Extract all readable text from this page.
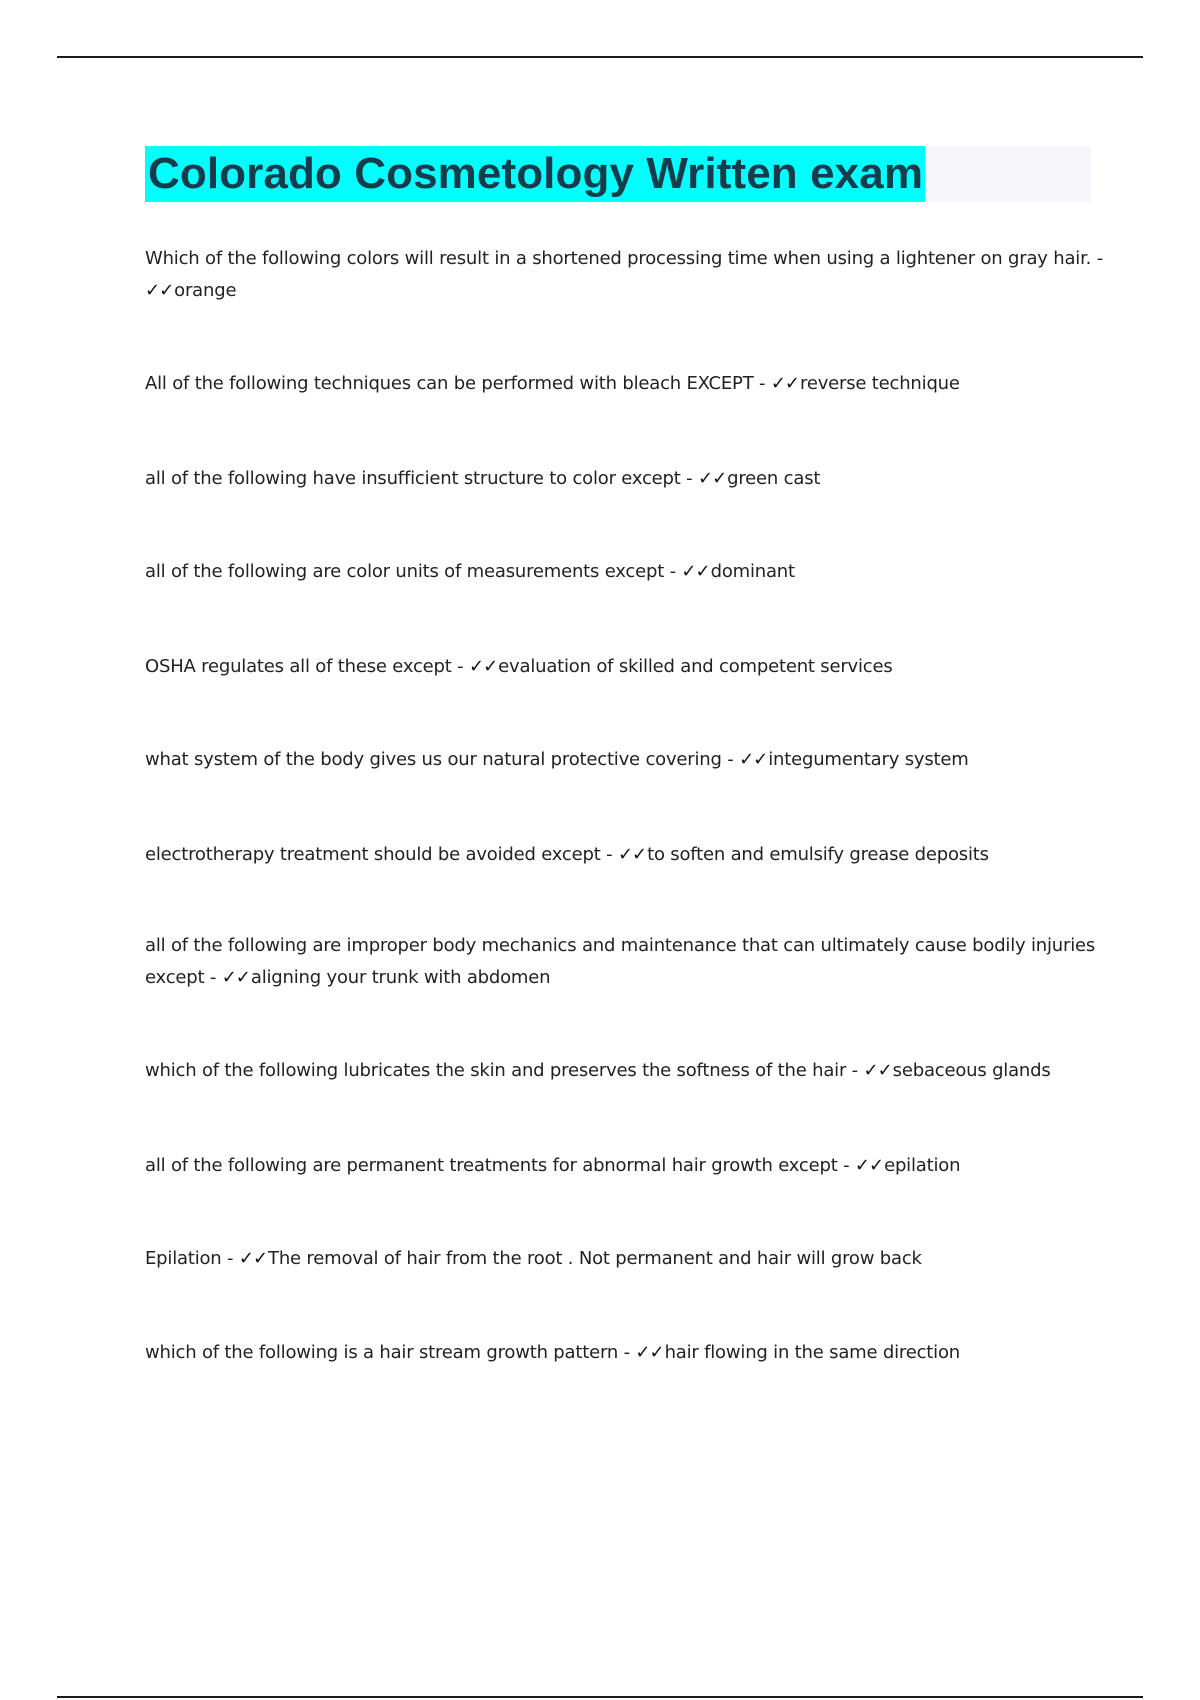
Colorado Cosmetology Written exam
Which of the following colors will result in a shortened processing time when using a lightener on gray hair. - ✓✓orange
All of the following techniques can be performed with bleach EXCEPT - ✓✓reverse technique
all of the following have insufficient structure to color except - ✓✓green cast
all of the following are color units of measurements except - ✓✓dominant
OSHA regulates all of these except - ✓✓evaluation of skilled and competent services
what system of the body gives us our natural protective covering - ✓✓integumentary system
electrotherapy treatment should be avoided except - ✓✓to soften and emulsify grease deposits
all of the following are improper body mechanics and maintenance that can ultimately cause bodily injuries except - ✓✓aligning your trunk with abdomen
which of the following lubricates the skin and preserves the softness of the hair - ✓✓sebaceous glands
all of the following are permanent treatments for abnormal hair growth except - ✓✓epilation
Epilation - ✓✓The removal of hair from the root . Not permanent and hair will grow back
which of the following is a hair stream growth pattern - ✓✓hair flowing in the same direction
